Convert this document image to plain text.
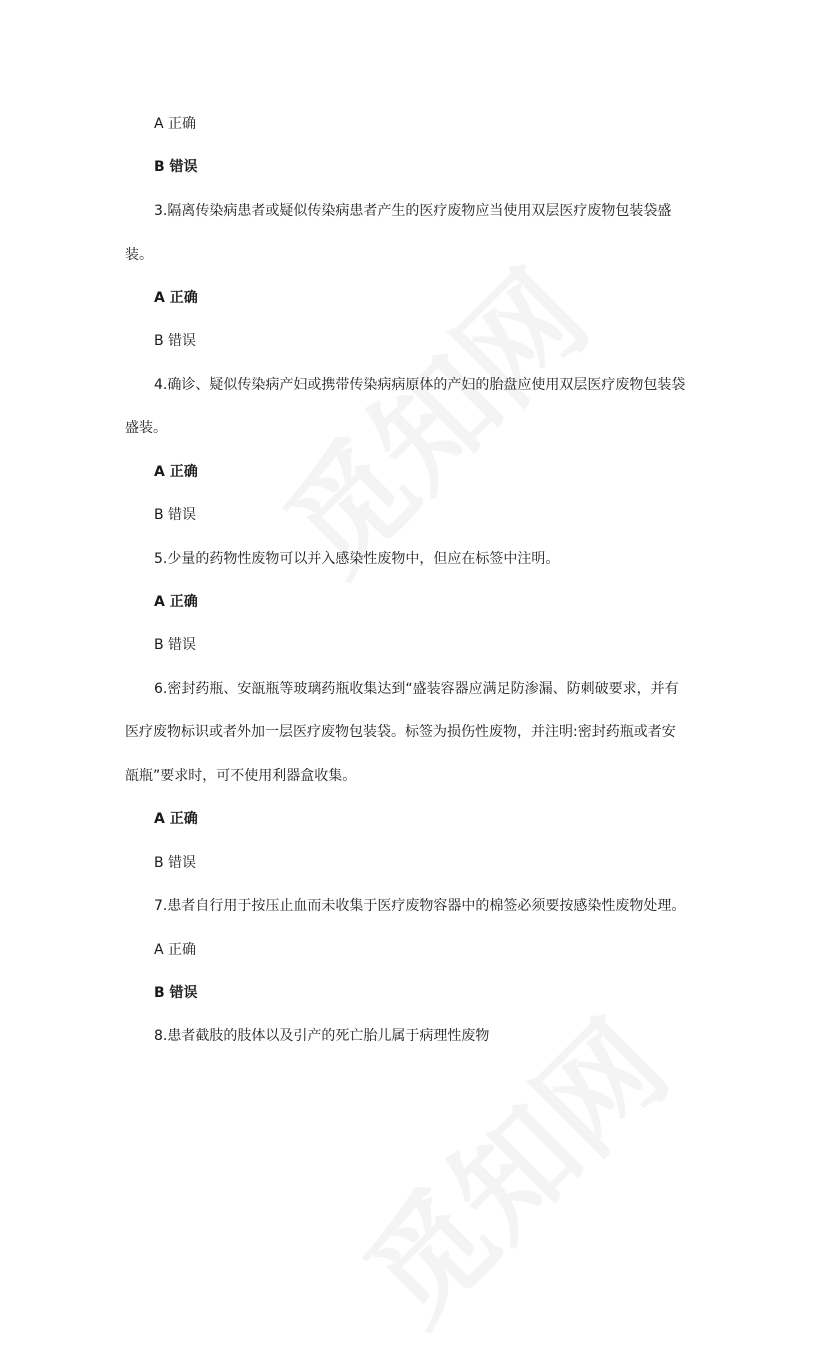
A 正确
B 错误
3.隔离传染病患者或疑似传染病患者产生的医疗废物应当使用双层医疗废物包装袋盛
装。
A 正确
B 错误
4.确诊、疑似传染病产妇或携带传染病病原体的产妇的胎盘应使用双层医疗废物包装袋
盛装。
A 正确
B 错误
5.少量的药物性废物可以并入感染性废物中，但应在标签中注明。
A 正确
B 错误
6.密封药瓶、安瓿瓶等玻璃药瓶收集达到“盛装容器应满足防渗漏、防刺破要求，并有
医疗废物标识或者外加一层医疗废物包装袋。标签为损伤性废物，并注明:密封药瓶或者安
瓿瓶”要求时，可不使用利器盒收集。
A 正确
B 错误
7.患者自行用于按压止血而未收集于医疗废物容器中的棉签必须要按感染性废物处理。
A 正确
B 错误
8.患者截肢的肢体以及引产的死亡胎儿属于病理性废物
